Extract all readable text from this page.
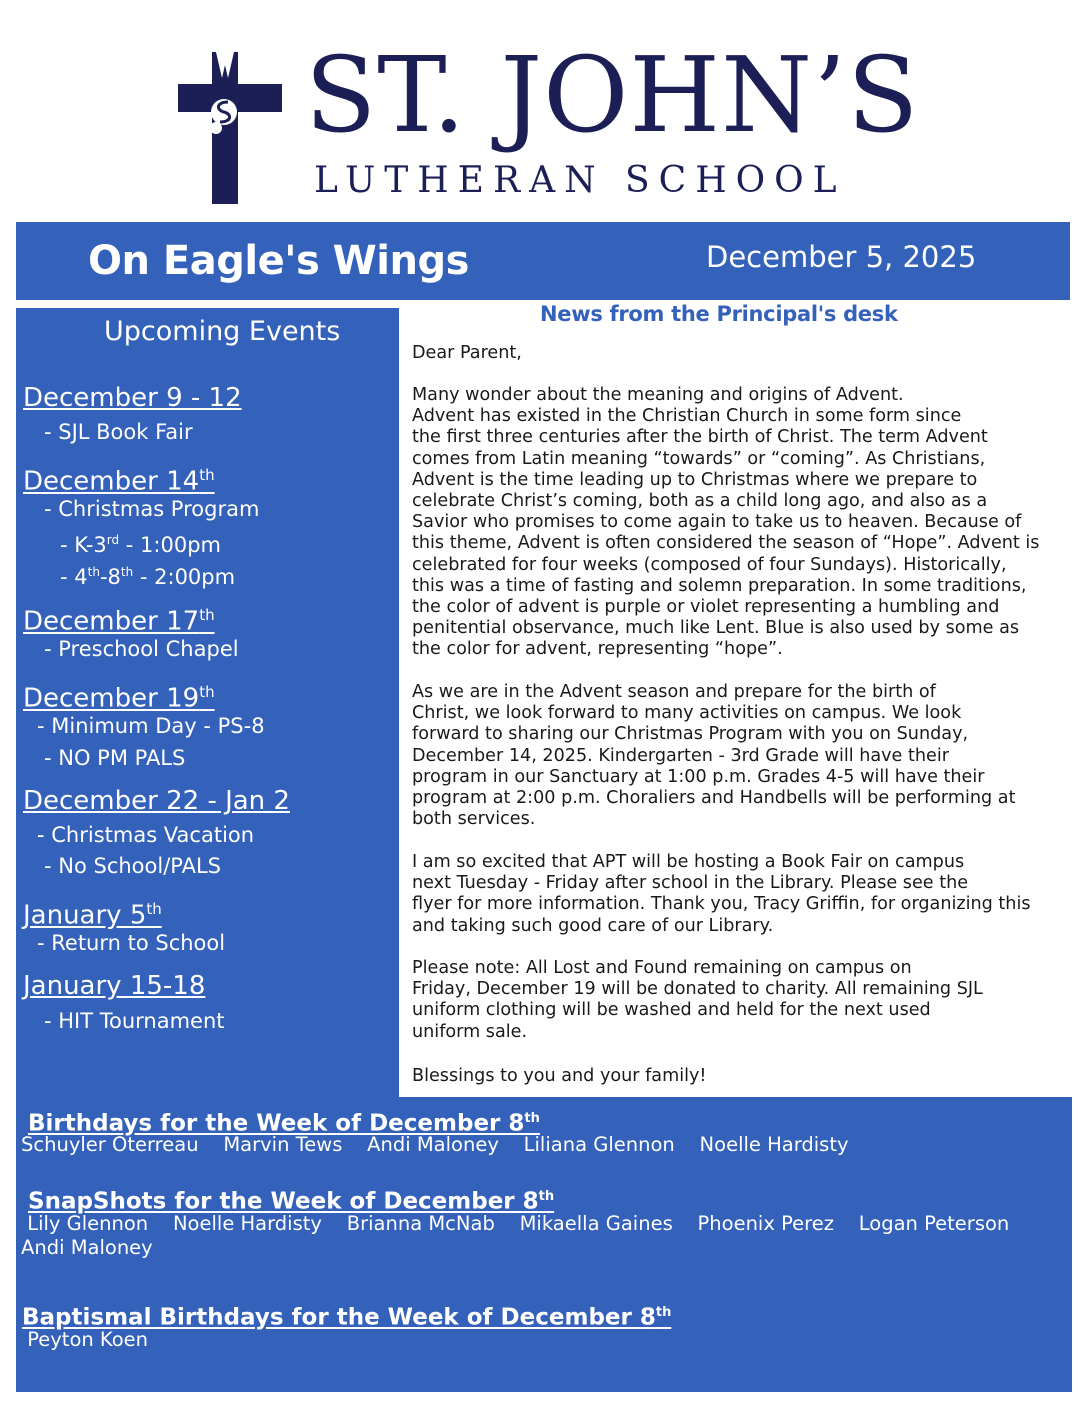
ST. JOHN’S
LUTHERAN SCHOOL
On Eagle's Wings	December 5, 2025
Upcoming Events
December 9 - 12
- SJL Book Fair
December 14th
- Christmas Program
- K-3rd - 1:00pm
- 4th-8th - 2:00pm
December 17th
- Preschool Chapel
December 19th
- Minimum Day - PS-8
- NO PM PALS
December 22 - Jan 2
- Christmas Vacation
- No School/PALS
January 5th
- Return to School
January 15-18
- HIT Tournament
News from the Principal's desk

Dear Parent,

Many wonder about the meaning and origins of Advent.
Advent has existed in the Christian Church in some form since
the first three centuries after the birth of Christ. The term Advent
comes from Latin meaning “towards” or “coming”. As Christians,
Advent is the time leading up to Christmas where we prepare to
celebrate Christ’s coming, both as a child long ago, and also as a
Savior who promises to come again to take us to heaven. Because of
this theme, Advent is often considered the season of “Hope”. Advent is
celebrated for four weeks (composed of four Sundays). Historically,
this was a time of fasting and solemn preparation. In some traditions,
the color of advent is purple or violet representing a humbling and
penitential observance, much like Lent. Blue is also used by some as
the color for advent, representing “hope”.

As we are in the Advent season and prepare for the birth of
Christ, we look forward to many activities on campus. We look
forward to sharing our Christmas Program with you on Sunday,
December 14, 2025. Kindergarten - 3rd Grade will have their
program in our Sanctuary at 1:00 p.m. Grades 4-5 will have their
program at 2:00 p.m. Choraliers and Handbells will be performing at
both services.

I am so excited that APT will be hosting a Book Fair on campus
next Tuesday - Friday after school in the Library. Please see the
flyer for more information. Thank you, Tracy Griffin, for organizing this
and taking such good care of our Library.

Please note: All Lost and Found remaining on campus on
Friday, December 19 will be donated to charity. All remaining SJL
uniform clothing will be washed and held for the next used
uniform sale.

Blessings to you and your family!

Birthdays for the Week of December 8th
Schuyler Oterreau    Marvin Tews    Andi Maloney    Liliana Glennon    Noelle Hardisty
SnapShots for the Week of December 8th
Lily Glennon    Noelle Hardisty    Brianna McNab    Mikaella Gaines    Phoenix Perez    Logan Peterson
Andi Maloney
Baptismal Birthdays for the Week of December 8th
Peyton Koen
